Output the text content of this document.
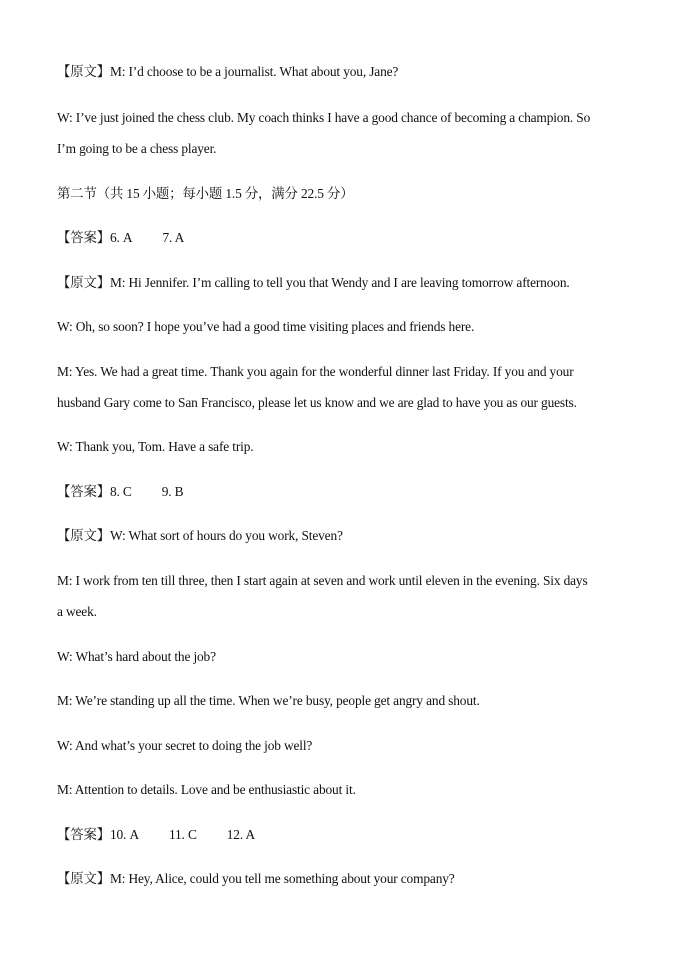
【原文】M: I’d choose to be a journalist. What about you, Jane?
W: I’ve just joined the chess club. My coach thinks I have a good chance of becoming a champion. So
I’m going to be a chess player.
第二节（共 15 小题；每小题 1.5 分，满分 22.5 分）
【答案】6. A 7. A
【原文】M: Hi Jennifer. I’m calling to tell you that Wendy and I are leaving tomorrow afternoon.
W: Oh, so soon? I hope you’ve had a good time visiting places and friends here.
M: Yes. We had a great time. Thank you again for the wonderful dinner last Friday. If you and your
husband Gary come to San Francisco, please let us know and we are glad to have you as our guests.
W: Thank you, Tom. Have a safe trip.
【答案】8. C 9. B
【原文】W: What sort of hours do you work, Steven?
M: I work from ten till three, then I start again at seven and work until eleven in the evening. Six days
a week.
W: What’s hard about the job?
M: We’re standing up all the time. When we’re busy, people get angry and shout.
W: And what’s your secret to doing the job well?
M: Attention to details. Love and be enthusiastic about it.
【答案】10. A 11. C 12. A
【原文】M: Hey, Alice, could you tell me something about your company?
